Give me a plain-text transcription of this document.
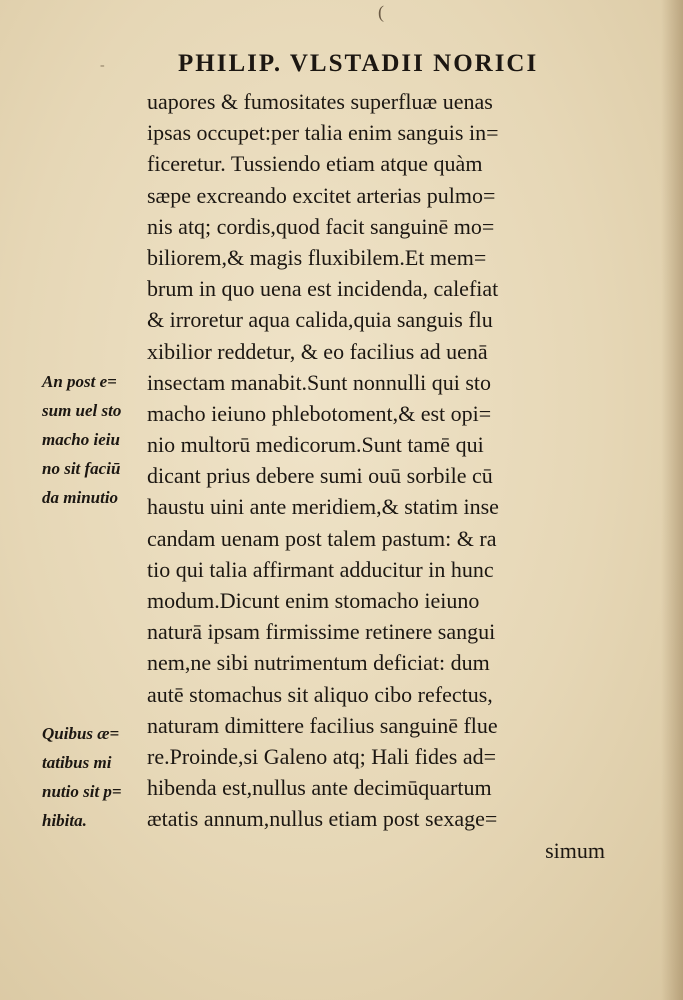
(
-	PHILIP. VLSTADII NORICI
uapores & fumositates superfluæ uenas
ipsas occupet:per talia enim sanguis in=
ficeretur. Tussiendo etiam atque quàm
sæpe excreando excitet arterias pulmo=
nis atq; cordis,quod facit sanguinē mo=
biliorem,& magis fluxibilem.Et mem=
brum in quo uena est incidenda, calefiat
& irroretur aqua calida,quia sanguis flu
xibilior reddetur, & eo facilius ad uenā
insectam manabit.Sunt nonnulli qui sto
macho ieiuno phlebotoment,& est opi=
nio multorū medicorum.Sunt tamē qui
dicant prius debere sumi ouū sorbile cū
haustu uini ante meridiem,& statim inse
candam uenam post talem pastum: & ra
tio qui talia affirmant adducitur in hunc
modum.Dicunt enim stomacho ieiuno
naturā ipsam firmissime retinere sangui
nem,ne sibi nutrimentum deficiat: dum
autē stomachus sit aliquo cibo refectus,
naturam dimittere facilius sanguinē flue
re.Proinde,si Galeno atq; Hali fides ad=
hibenda est,nullus ante decimūquartum
ætatis annum,nullus etiam post sexage=
simum
An post e=
sum uel sto
macho ieiu
no sit faciū
da minutio
Quibus æ=
tatibus mi
nutio sit p=
hibita.
